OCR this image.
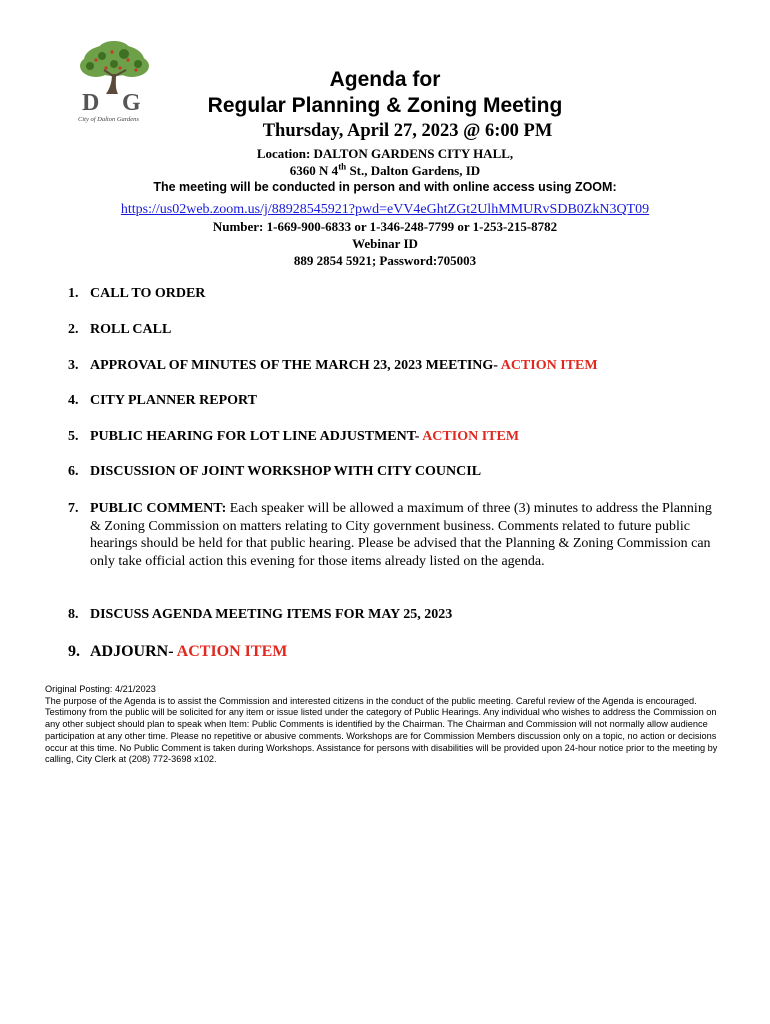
D G
City of Dalton Gardens
Agenda for
Regular Planning & Zoning Meeting
Thursday, April 27, 2023 @ 6:00 PM
Location: DALTON GARDENS CITY HALL,
6360 N 4th St., Dalton Gardens, ID
The meeting will be conducted in person and with online access using ZOOM:
https://us02web.zoom.us/j/88928545921?pwd=eVV4eGhtZGt2UlhMMURvSDB0ZkN3QT09
Number: 1-669-900-6833 or 1-346-248-7799 or 1-253-215-8782
Webinar ID
889 2854 5921; Password:705003
1. CALL TO ORDER
2. ROLL CALL
3. APPROVAL OF MINUTES OF THE MARCH 23, 2023 MEETING- ACTION ITEM
4. CITY PLANNER REPORT
5. PUBLIC HEARING FOR LOT LINE ADJUSTMENT- ACTION ITEM
6. DISCUSSION OF JOINT WORKSHOP WITH CITY COUNCIL
7. PUBLIC COMMENT: Each speaker will be allowed a maximum of three (3) minutes to address the Planning & Zoning Commission on matters relating to City government business. Comments related to future public hearings should be held for that public hearing. Please be advised that the Planning & Zoning Commission can only take official action this evening for those items already listed on the agenda.
8. DISCUSS AGENDA MEETING ITEMS FOR MAY 25, 2023
9. ADJOURN- ACTION ITEM

Original Posting: 4/21/2023

The purpose of the Agenda is to assist the Commission and interested citizens in the conduct of the public meeting. Careful review of the Agenda is encouraged. Testimony from the public will be solicited for any item or issue listed under the category of Public Hearings. Any individual who wishes to address the Commission on any other subject should plan to speak when Item: Public Comments is identified by the Chairman. The Chairman and Commission will not normally allow audience participation at any other time. Please no repetitive or abusive comments. Workshops are for Commission Members discussion only on a topic, no action or decisions occur at this time. No Public Comment is taken during Workshops. Assistance for persons with disabilities will be provided upon 24-hour notice prior to the meeting by calling, City Clerk at (208) 772-3698 x102.
